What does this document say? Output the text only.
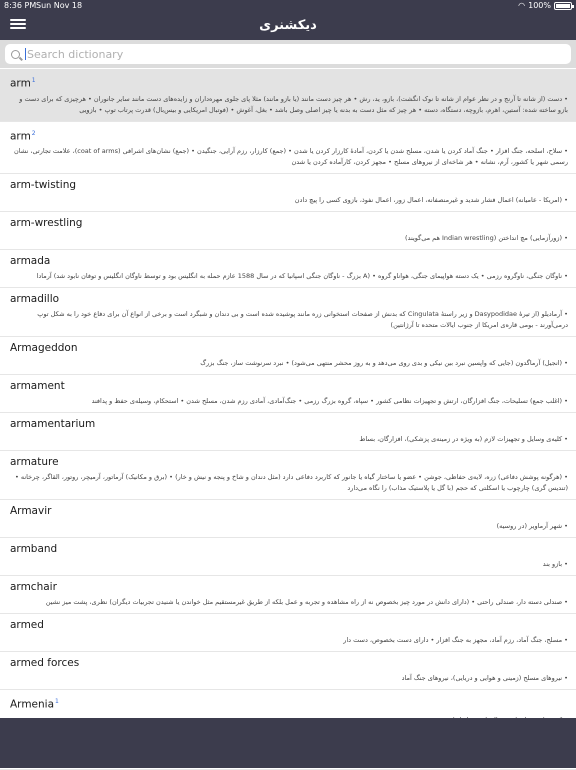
8:36 PM Sun Nov 18	◠ 100%
دیکشنری
Search dictionary
arm$^1$
• دست (از شانه تا آرنج و در نظر عوام از شانه تا نوک انگشت)، بازو، ید، رش • هر چیز دست مانند (یا بازو مانند) مثلا پای جلوی مهره‌داران و زایده‌های دست مانند سایر جانوران • هرچیزی که برای دست و بازو ساخته شده: آستین، اهرم، بازوچه، دستگاه، دسته • هر چیز که مثل دست به بدنه یا چیز اصلی وصل باشد • بغل، آغوش • (فوتبال امریکایی و بیس‌بال) قدرت پرتاب توپ • بازویی
arm$^2$
• سلاح، اسلحه، جنگ افزار • جنگ آماد کردن یا شدن، مسلح شدن یا کردن، آمادهٔ کارزار کردن یا شدن • (جمع) کارزار، رزم آرایی، جنگیدن • (جمع) نشان‌های اشرافی (coat of arms)، علامت تجارتی، نشان رسمی شهر یا کشور، آرم، نشانه • هر شاخه‌ای از نیروهای مسلح • مجهز کردن، کارآماده کردن یا شدن
arm-twisting
• (امریکا - عامیانه) اعمال فشار شدید و غیرمنصفانه، اعمال زور، اعمال نفوذ، بازوی کسی را پیچ دادن
arm-wrestling
• (زورآزمایی) مچ انداختن (Indian wrestling هم می‌گویند)
armada
• ناوگان جنگی، ناوگروه رزمی • یک دسته هواپیمای جنگی، هواناو گروه • (A بزرگ - ناوگان جنگی اسپانیا که در سال 1588 عازم حمله به انگلیس بود و توسط ناوگان انگلیس و توفان نابود شد) آرمادا
armadillo
• آرمادیلو (از تیرهٔ Dasypodidae و زیر راستهٔ Cingulata که بدنش از صفحات استخوانی زره مانند پوشیده شده است و بی دندان و شبگرد است و برخی از انواع آن برای دفاع خود را به شکل توپ درمی‌آورند - بومی قاره‌ی امریکا از جنوب ایالات متحده تا آرژانتین)
Armageddon
• (انجیل) آرماگدون (جایی که واپسین نبرد بین نیکی و بدی روی می‌دهد و به روز محشر منتهی می‌شود) • نبرد سرنوشت ساز، جنگ بزرگ
armament
• (اغلب جمع) تسلیحات، جنگ افزارگان، ارتش و تجهیزات نظامی کشور • سپاه، گروه بزرگ رزمی • جنگ‌آمادی، آمادی رزم شدن، مسلح شدن • استحکام، وسیله‌ی حفظ و پدافند
armamentarium
• کلیه‌ی وسایل و تجهیزات لازم (به ویژه در زمینه‌ی پزشکی)، افزارگان، بساط
armature
• (هرگونه پوشش دفاعی) زره، لایه‌ی حفاظی، جوشن • عضو یا ساختار گیاه یا جانور که کاربرد دفاعی دارد (مثل دندان و شاخ و پنجه و نیش و خار) • (برق و مکانیک) آرماتور، آرمیچر، روتور، القاگر، چرخانه • (تندیس گری) چارچوب یا اسکلتی که حجم (با گل یا پلاستیک مذاب) را نگاه می‌دارد
Armavir
• شهر آرماویر (در روسیه)
armband
• بازو بند
armchair
• صندلی دسته دار، صندلی راحتی • (دارای دانش در مورد چیز بخصوص نه از راه مشاهده و تجربه و عمل بلکه از طریق غیرمستقیم مثل خواندن یا شنیدن تجربیات دیگران) نظری، پشت میز نشین
armed
• مسلح، جنگ آماد، رزم آماد، مجهز به جنگ افزار • دارای دست بخصوص، دست دار
armed forces
• نیروهای مسلح (زمینی و هوایی و دریایی)، نیروهای جنگ آماد
Armenia$^1$
